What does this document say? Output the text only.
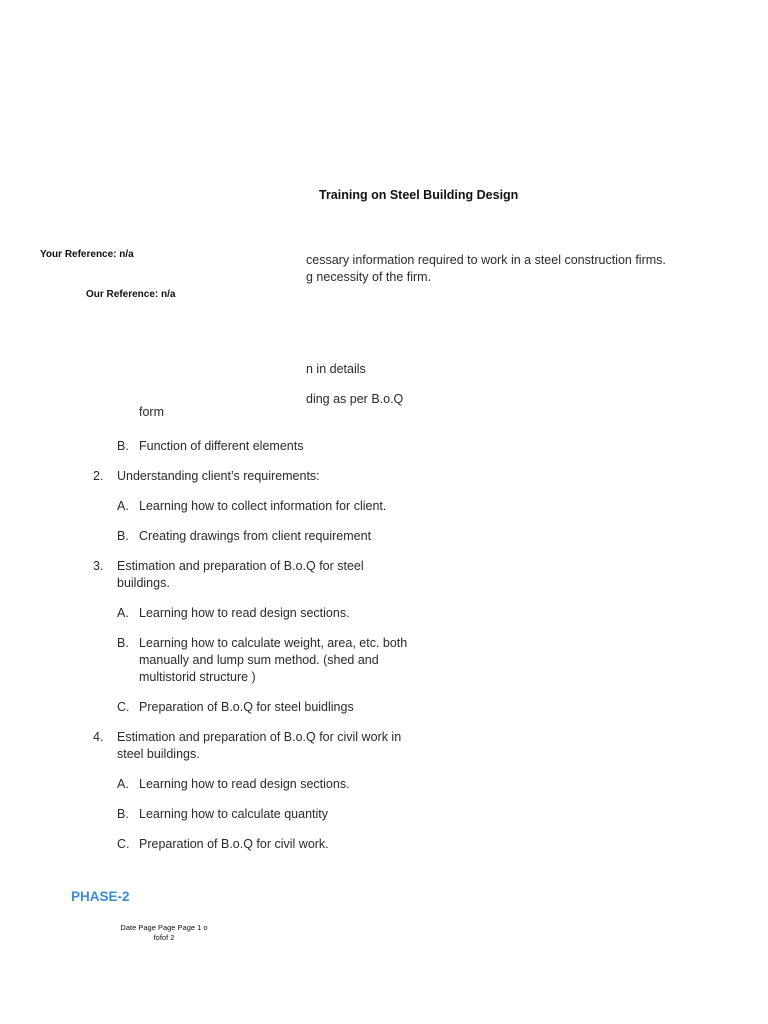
Training on Steel Building Design
Your Reference: n/a
Our Reference: n/a
cessary information required to work in a steel construction firms.
g necessity of the firm.
n in details
ding as per B.o.Q
form
B. Function of different elements
2.	Understanding client’s requirements:
A. Learning how to collect information for client.
B. Creating drawings from client requirement
3.	Estimation and preparation of B.o.Q for steel
buildings.
A. Learning how to read design sections.
B. Learning how to calculate weight, area, etc. both
manually and lump sum method. (shed and
multistorid structure )
C. Preparation of B.o.Q for steel buidlings
4.	Estimation and preparation of B.o.Q for civil work in
steel buildings.
A. Learning how to read design sections.
B. Learning how to calculate quantity
C. Preparation of B.o.Q for civil work.
PHASE-2
Date Page Page Page 1 o
fofof 2
